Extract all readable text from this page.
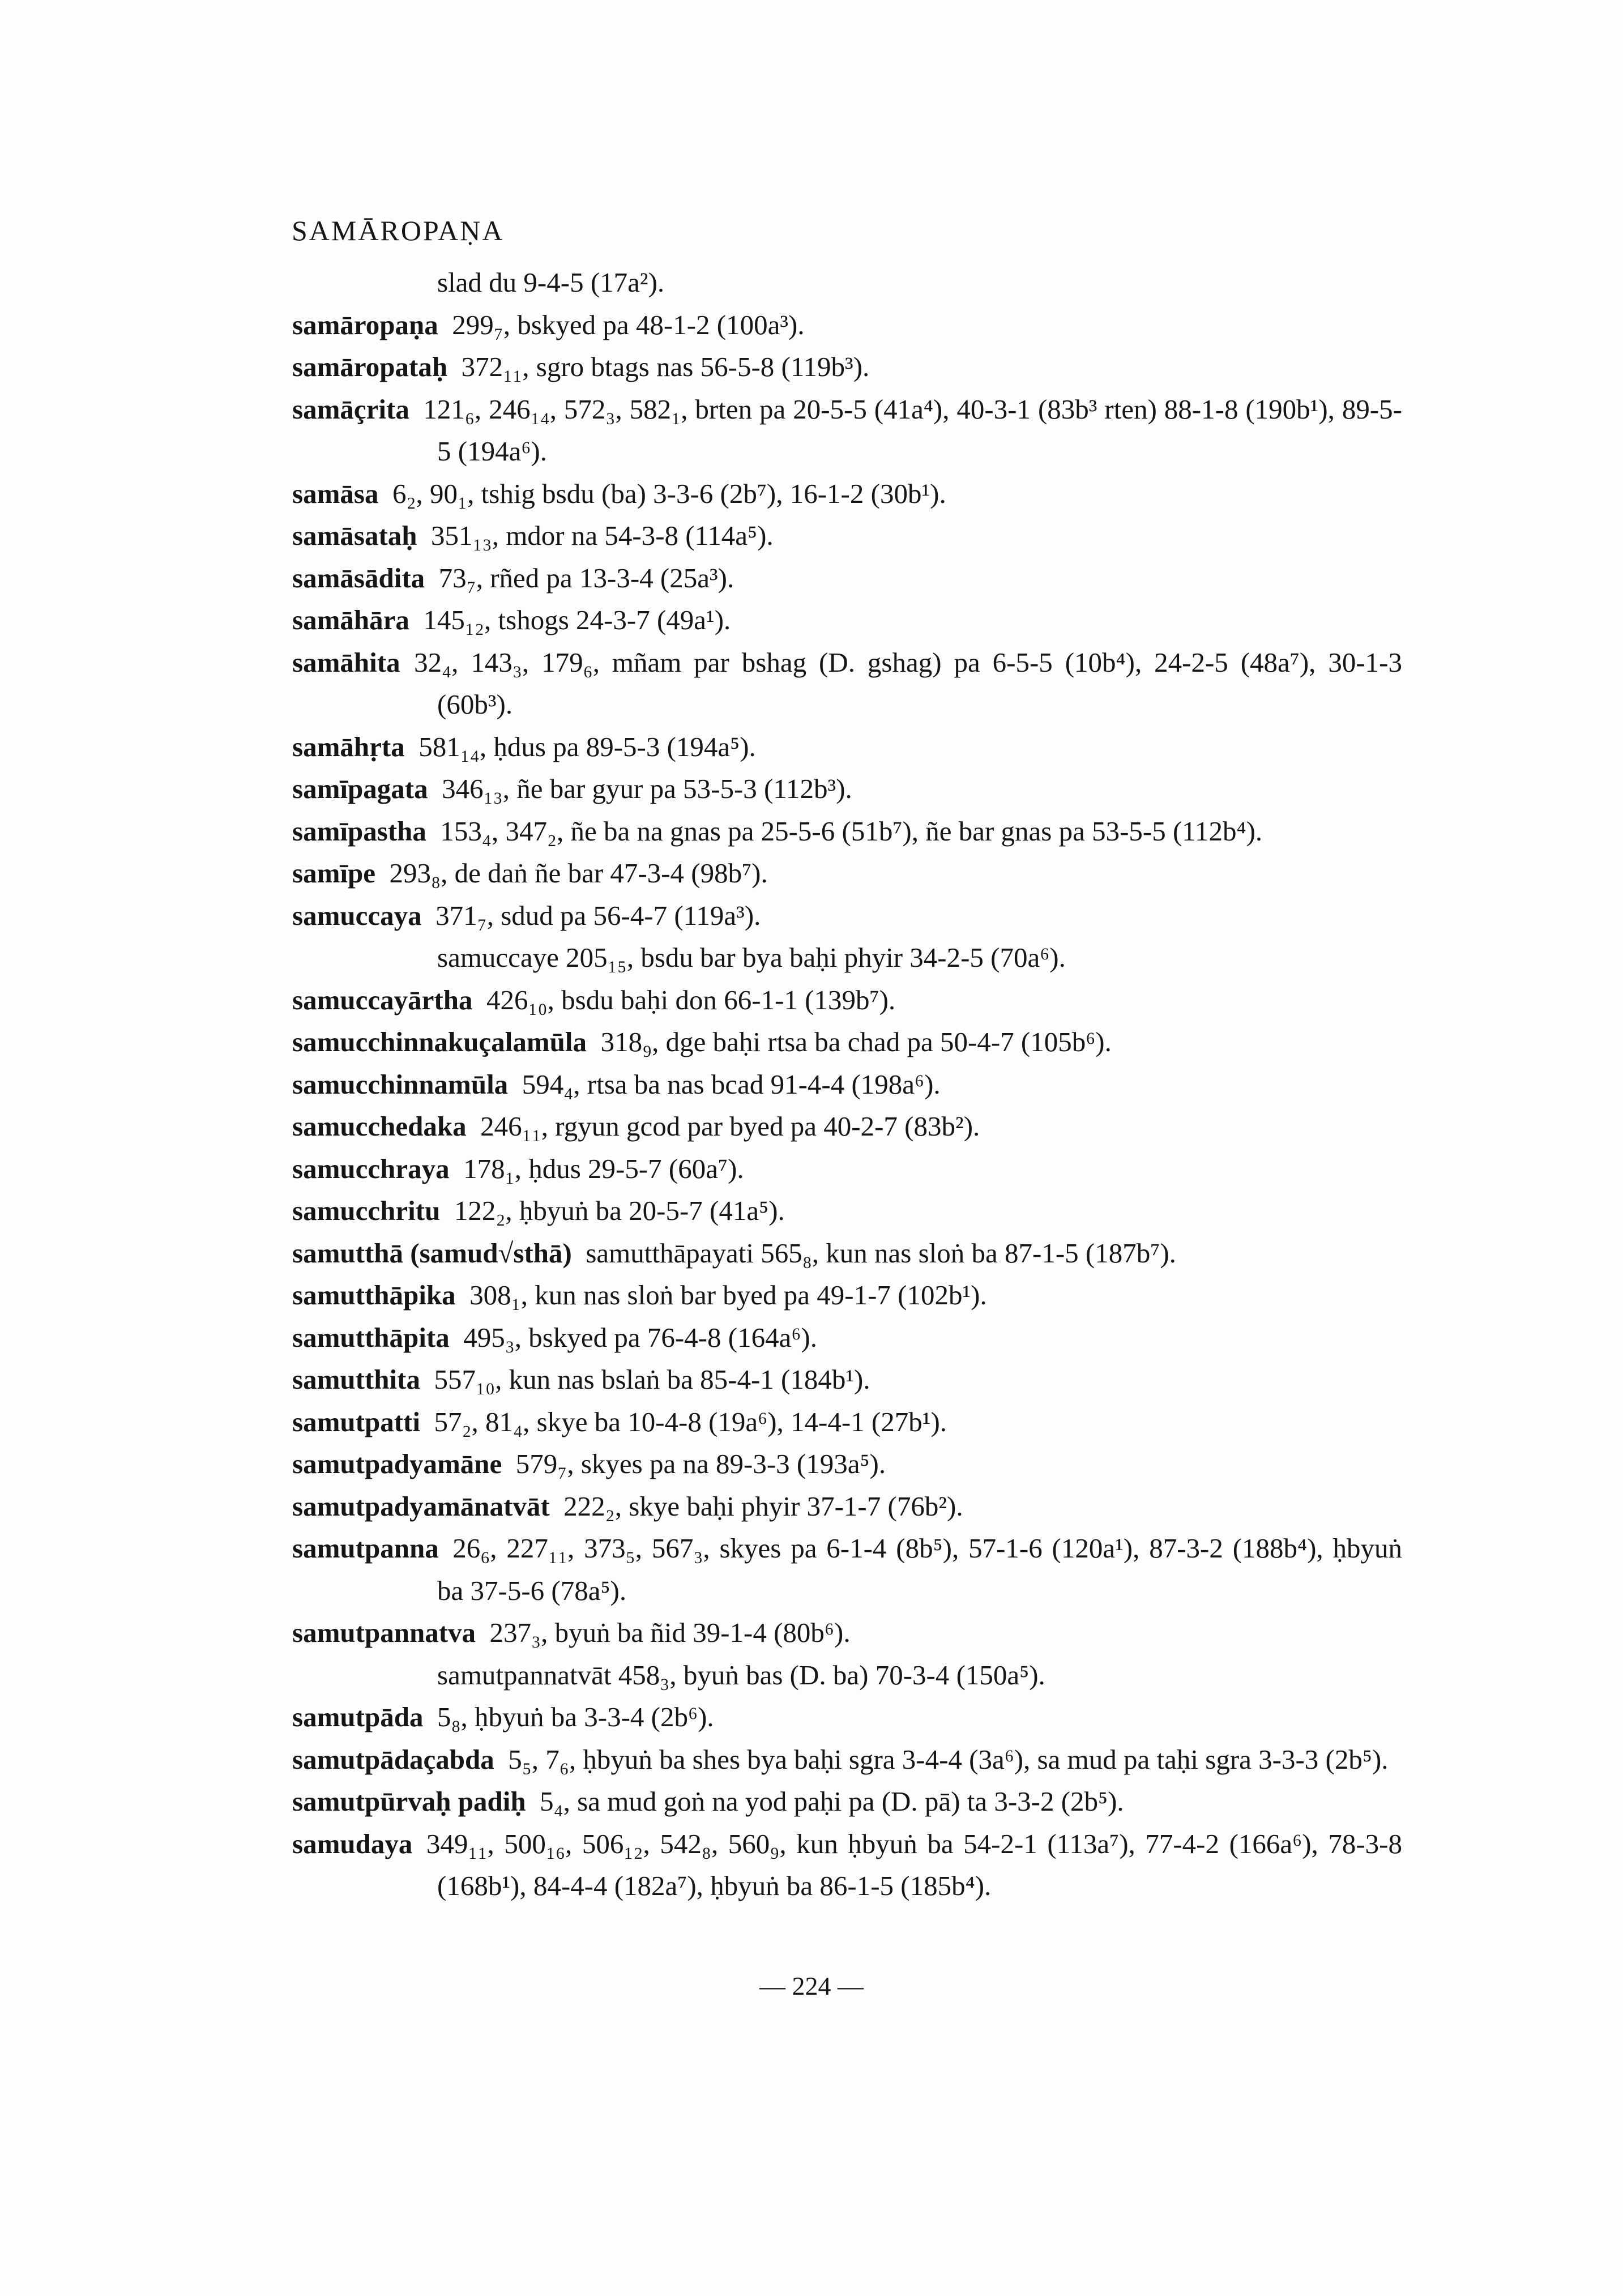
SAMĀROPAṆA
slad du 9-4-5 (17a²).
samāropaṇa  299₇, bskyed pa 48-1-2 (100a³).
samāropataḥ  372₁₁, sgro btags nas 56-5-8 (119b³).
samāçrita  121₆, 246₁₄, 572₃, 582₁, brten pa 20-5-5 (41a⁴), 40-3-1 (83b³ rten) 88-1-8 (190b¹), 89-5-5 (194a⁶).
samāsa  6₂, 90₁, tshig bsdu (ba) 3-3-6 (2b⁷), 16-1-2 (30b¹).
samāsataḥ  351₁₃, mdor na 54-3-8 (114a⁵).
samāsādita  73₇, rñed pa 13-3-4 (25a³).
samāhāra  145₁₂, tshogs 24-3-7 (49a¹).
samāhita  32₄, 143₃, 179₆, mñam par bshag (D. gshag) pa 6-5-5 (10b⁴), 24-2-5 (48a⁷), 30-1-3 (60b³).
samāhṛta  581₁₄, ḥdus pa 89-5-3 (194a⁵).
samīpagata  346₁₃, ñe bar gyur pa 53-5-3 (112b³).
samīpastha  153₄, 347₂, ñe ba na gnas pa 25-5-6 (51b⁷), ñe bar gnas pa 53-5-5 (112b⁴).
samīpe  293₈, de daṅ ñe bar 47-3-4 (98b⁷).
samuccaya  371₇, sdud pa 56-4-7 (119a³).
samuccaye 205₁₅, bsdu bar bya baḥi phyir 34-2-5 (70a⁶).
samuccayārtha  426₁₀, bsdu baḥi don 66-1-1 (139b⁷).
samucchinnakuçalamūla  318₉, dge baḥi rtsa ba chad pa 50-4-7 (105b⁶).
samucchinnamūla  594₄, rtsa ba nas bcad 91-4-4 (198a⁶).
samucchedaka  246₁₁, rgyun gcod par byed pa 40-2-7 (83b²).
samucchraya  178₁, ḥdus 29-5-7 (60a⁷).
samucchritu  122₂, ḥbyuṅ ba 20-5-7 (41a⁵).
samutthā (samud√sthā)  samutthāpayati 565₈, kun nas sloṅ ba 87-1-5 (187b⁷).
samutthāpika  308₁, kun nas sloṅ bar byed pa 49-1-7 (102b¹).
samutthāpita  495₃, bskyed pa 76-4-8 (164a⁶).
samutthita  557₁₀, kun nas bslaṅ ba 85-4-1 (184b¹).
samutpatti  57₂, 81₄, skye ba 10-4-8 (19a⁶), 14-4-1 (27b¹).
samutpadyamāne  579₇, skyes pa na 89-3-3 (193a⁵).
samutpadyamānatvāt  222₂, skye baḥi phyir 37-1-7 (76b²).
samutpanna  26₆, 227₁₁, 373₅, 567₃, skyes pa 6-1-4 (8b⁵), 57-1-6 (120a¹), 87-3-2 (188b⁴), ḥbyuṅ ba 37-5-6 (78a⁵).
samutpannatva  237₃, byuṅ ba ñid 39-1-4 (80b⁶).
samutpannatvāt 458₃, byuṅ bas (D. ba) 70-3-4 (150a⁵).
samutpāda  5₈, ḥbyuṅ ba 3-3-4 (2b⁶).
samutpādaçabda  5₅, 7₆, ḥbyuṅ ba shes bya baḥi sgra 3-4-4 (3a⁶), sa mud pa taḥi sgra 3-3-3 (2b⁵).
samutpūrvaḥ padiḥ  5₄, sa mud goṅ na yod paḥi pa (D. pā) ta 3-3-2 (2b⁵).
samudaya  349₁₁, 500₁₆, 506₁₂, 542₈, 560₉, kun ḥbyuṅ ba 54-2-1 (113a⁷), 77-4-2 (166a⁶), 78-3-8 (168b¹), 84-4-4 (182a⁷), ḥbyuṅ ba 86-1-5 (185b⁴).
— 224 —
